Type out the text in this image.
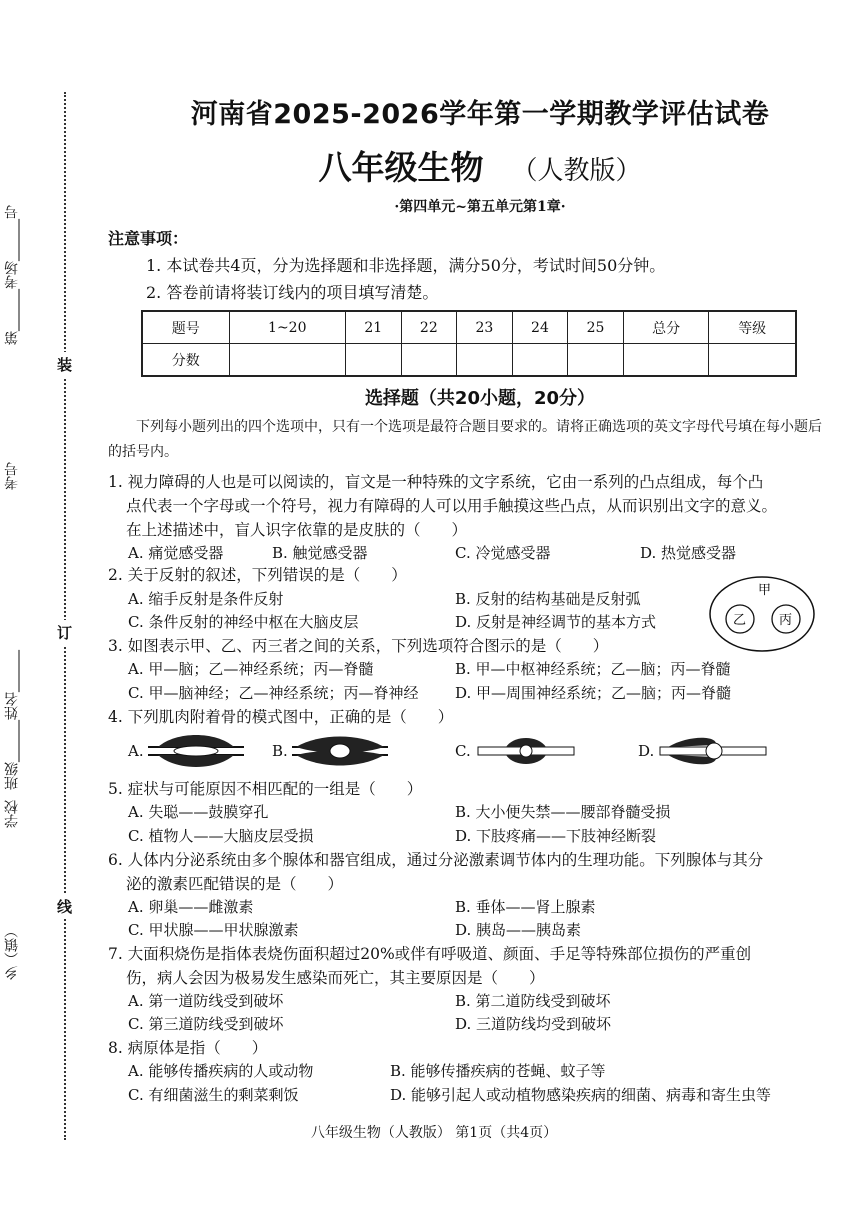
装
订
线
第______考场______号
考号
班级______姓名______
学校
乡（镇）
河南省2025-2026学年第一学期教学评估试卷
八年级生物 （人教版）
·第四单元~第五单元第1章·
注意事项：
1. 本试卷共4页，分为选择题和非选择题，满分50分，考试时间50分钟。
2. 答卷前请将装订线内的项目填写清楚。
题号	1~20	21	22	23	24	25	总分	等级
分数								
选择题（共20小题，20分）
下列每小题列出的四个选项中，只有一个选项是最符合题目要求的。请将正确选项的英文字母代号填在每小题后的括号内。
1. 视力障碍的人也是可以阅读的，盲文是一种特殊的文字系统，它由一系列的凸点组成，每个凸
点代表一个字母或一个符号，视力有障碍的人可以用手触摸这些凸点，从而识别出文字的意义。
在上述描述中，盲人识字依靠的是皮肤的（　　）
A. 痛觉感受器	B. 触觉感受器	C. 冷觉感受器	D. 热觉感受器
2. 关于反射的叙述，下列错误的是（　　）
A. 缩手反射是条件反射	B. 反射的结构基础是反射弧
C. 条件反射的神经中枢在大脑皮层	D. 反射是神经调节的基本方式
甲
乙	丙
3. 如图表示甲、乙、丙三者之间的关系，下列选项符合图示的是（　　）
A. 甲—脑；乙—神经系统；丙—脊髓	B. 甲—中枢神经系统；乙—脑；丙—脊髓
C. 甲—脑神经；乙—神经系统；丙—脊神经 D. 甲—周围神经系统；乙—脑；丙—脊髓
4. 下列肌肉附着骨的模式图中，正确的是（　　）
A.	B.	C.	D.
5. 症状与可能原因不相匹配的一组是（　　）
A. 失聪——鼓膜穿孔	B. 大小便失禁——腰部脊髓受损
C. 植物人——大脑皮层受损	D. 下肢疼痛——下肢神经断裂
6. 人体内分泌系统由多个腺体和器官组成，通过分泌激素调节体内的生理功能。下列腺体与其分
泌的激素匹配错误的是（　　）
A. 卵巢——雌激素	B. 垂体——肾上腺素
C. 甲状腺——甲状腺激素	D. 胰岛——胰岛素
7. 大面积烧伤是指体表烧伤面积超过20%或伴有呼吸道、颜面、手足等特殊部位损伤的严重创
伤，病人会因为极易发生感染而死亡，其主要原因是（　　）
A. 第一道防线受到破坏	B. 第二道防线受到破坏
C. 第三道防线受到破坏	D. 三道防线均受到破坏
8. 病原体是指（　　）
A. 能够传播疾病的人或动物	B. 能够传播疾病的苍蝇、蚊子等
C. 有细菌滋生的剩菜剩饭	D. 能够引起人或动植物感染疾病的细菌、病毒和寄生虫等
八年级生物（人教版） 第1页（共4页）
